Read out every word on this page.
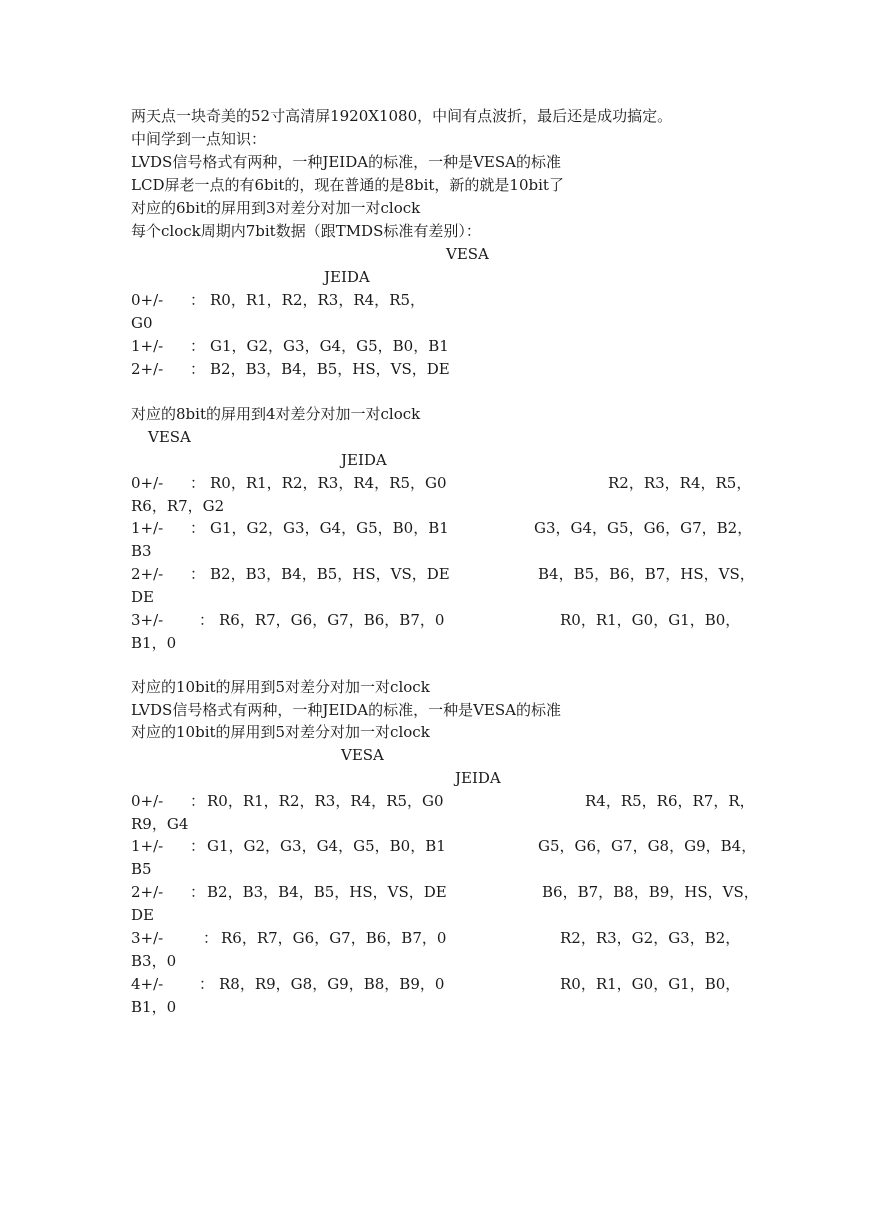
两天点一块奇美的52寸高清屏1920X1080，中间有点波折，最后还是成功搞定。
中间学到一点知识：
LVDS信号格式有两种，一种JEIDA的标准，一种是VESA的标准
LCD屏老一点的有6bit的，现在普通的是8bit，新的就是10bit了
对应的6bit的屏用到3对差分对加一对clock
每个clock周期内7bit数据（跟TMDS标准有差别）：
VESA
JEIDA
0+/- ： R0，R1，R2，R3，R4，R5，
G0
1+/- ： G1，G2，G3，G4，G5，B0，B1
2+/- ： B2，B3，B4，B5，HS，VS，DE
对应的8bit的屏用到4对差分对加一对clock
VESA
JEIDA
0+/- ： R0，R1，R2，R3，R4，R5，G0	R2，R3，R4，R5，
R6，R7，G2
1+/- ： G1，G2，G3，G4，G5，B0，B1	G3，G4，G5，G6，G7，B2，
B3
2+/- ： B2，B3，B4，B5，HS，VS，DE	B4，B5，B6，B7，HS，VS，
DE
3+/- ： R6，R7，G6，G7，B6，B7，0	R0，R1，G0，G1，B0，
B1，0
对应的10bit的屏用到5对差分对加一对clock
LVDS信号格式有两种，一种JEIDA的标准，一种是VESA的标准
对应的10bit的屏用到5对差分对加一对clock
VESA
JEIDA
0+/- ： R0，R1，R2，R3，R4，R5，G0	R4，R5，R6，R7，R，
R9，G4
1+/- ： G1，G2，G3，G4，G5，B0，B1	G5，G6，G7，G8，G9，B4，
B5
2+/- ： B2，B3，B4，B5，HS，VS，DE	B6，B7，B8，B9，HS，VS，
DE
3+/-	： R6，R7，G6，G7，B6，B7，0	R2，R3，G2，G3，B2，
B3，0
4+/- ： R8，R9，G8，G9，B8，B9，0	R0，R1，G0，G1，B0，
B1，0
